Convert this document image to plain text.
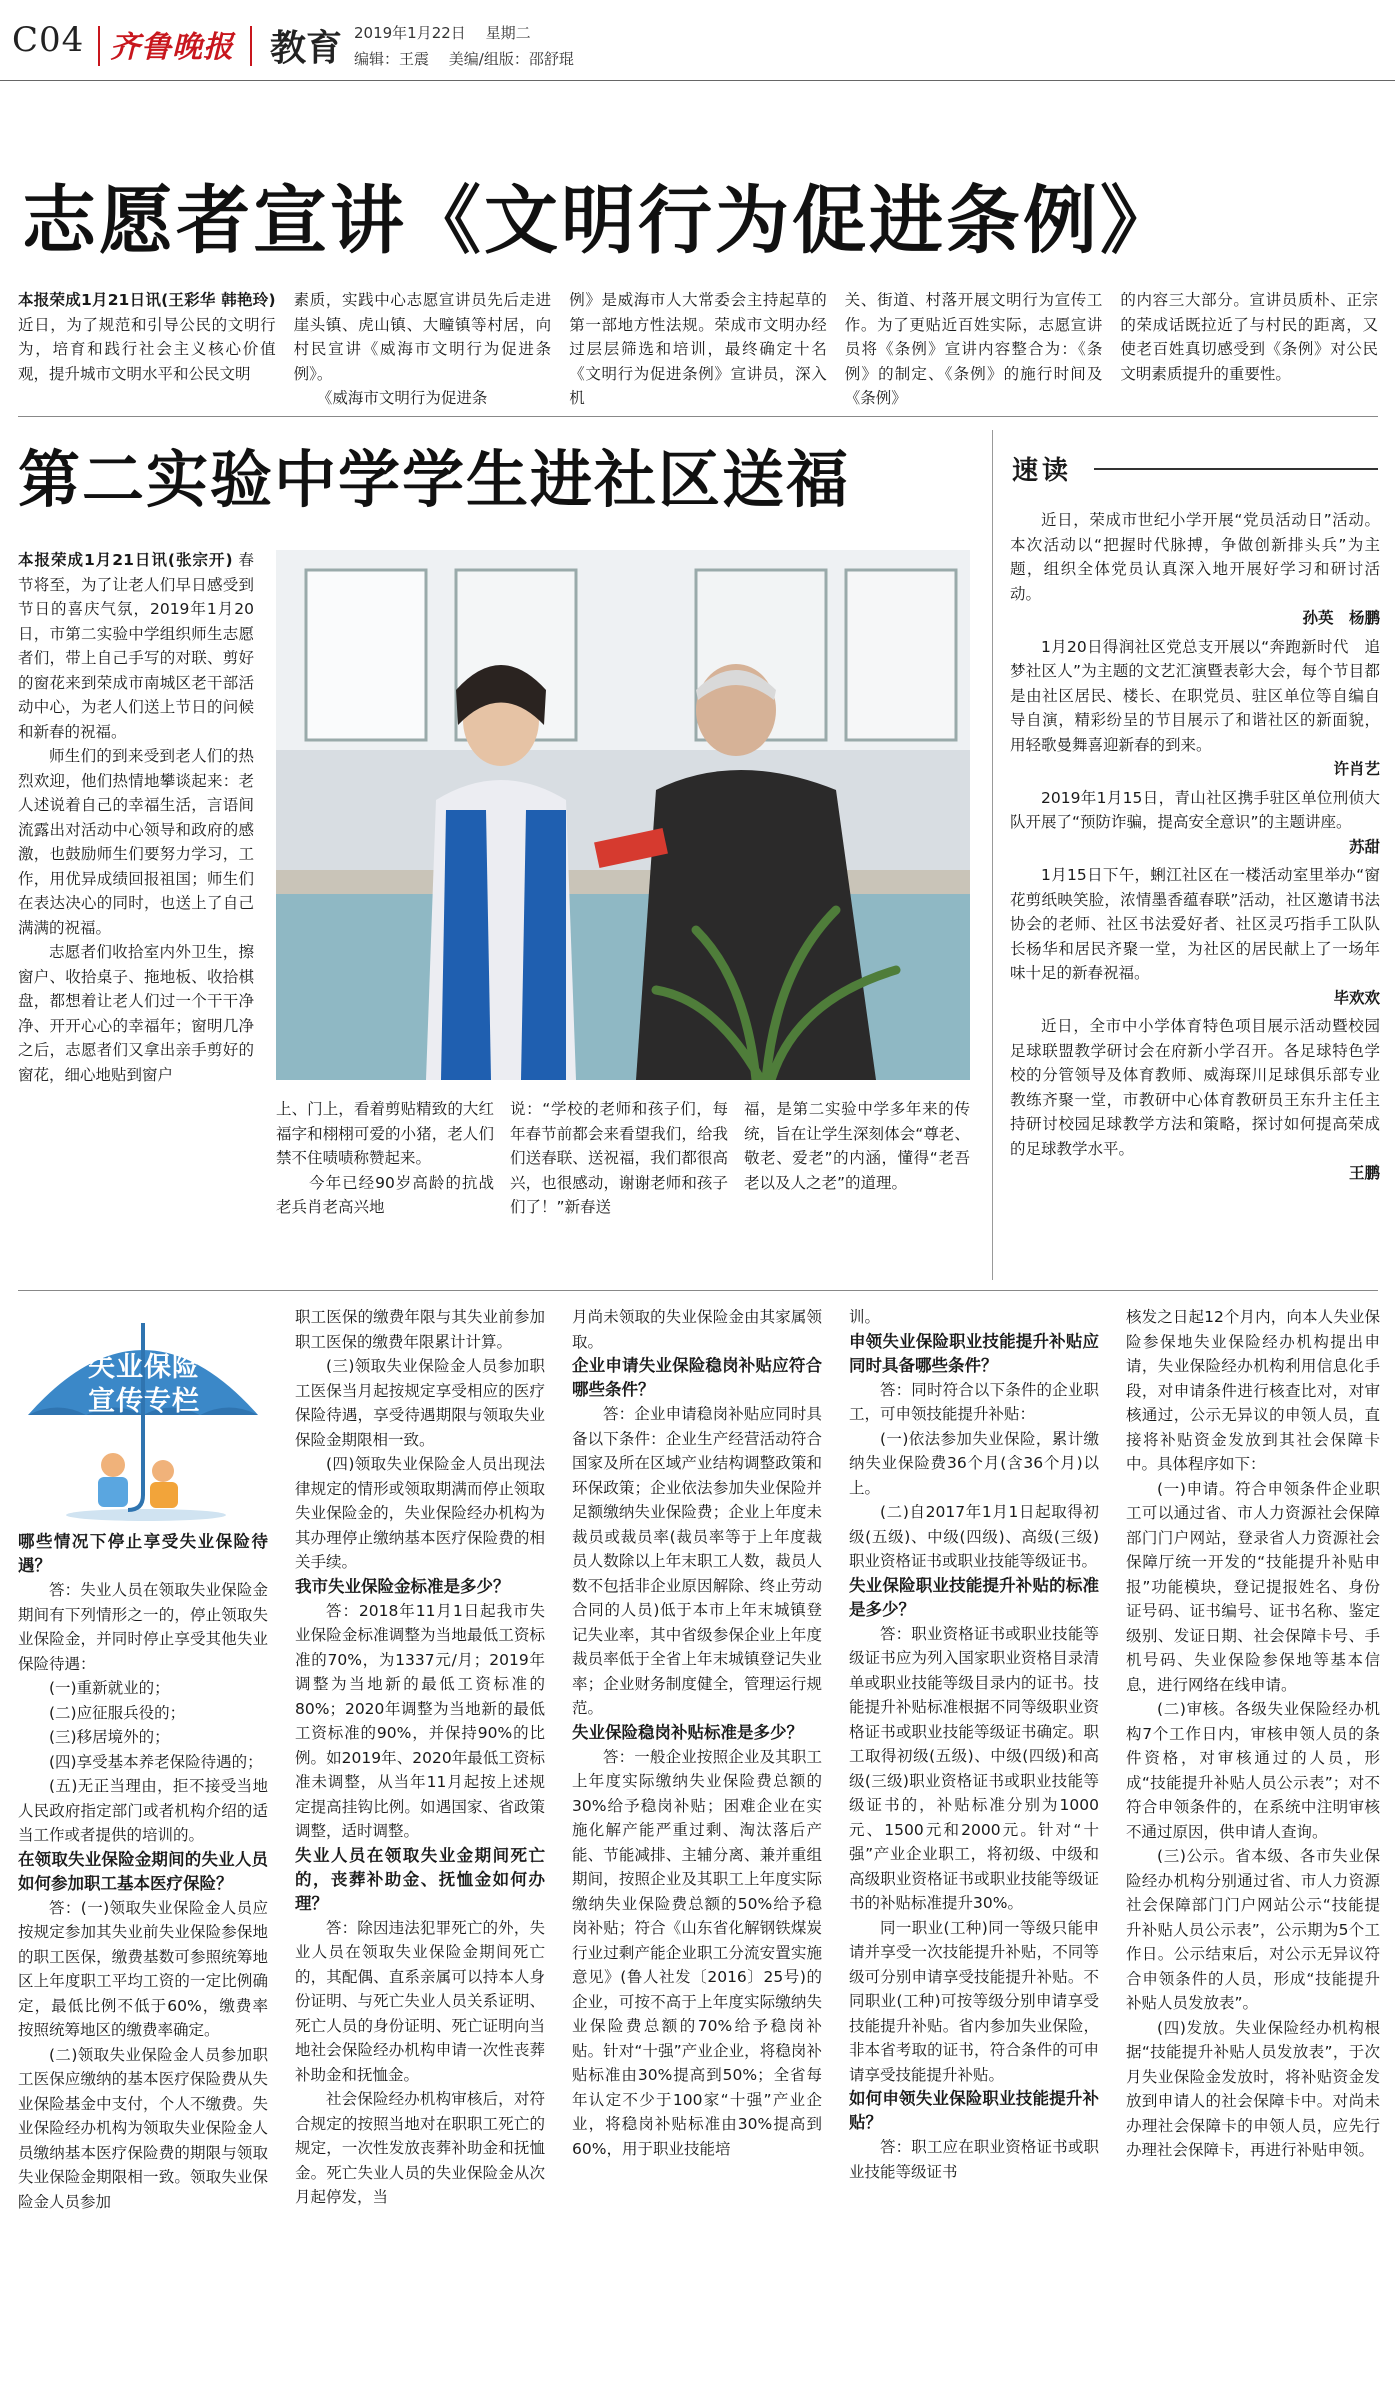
C04 齐鲁晚报 教育 2019年1月22日　 星期二
编辑：王震　 美编/组版：邵舒琨
志愿者宣讲《文明行为促进条例》
本报荣成1月21日讯(王彩华 韩艳玲) 近日，为了规范和引导公民的文明行为，培育和践行社会主义核心价值观，提升城市文明水平和公民文明
素质，实践中心志愿宣讲员先后走进崖头镇、虎山镇、大疃镇等村居，向村民宣讲《威海市文明行为促进条例》。
　　《威海市文明行为促进条
例》是威海市人大常委会主持起草的第一部地方性法规。荣成市文明办经过层层筛选和培训，最终确定十名《文明行为促进条例》宣讲员，深入机
关、街道、村落开展文明行为宣传工作。为了更贴近百姓实际，志愿宣讲员将《条例》宣讲内容整合为：《条例》的制定、《条例》的施行时间及《条例》
的内容三大部分。宣讲员质朴、正宗的荣成话既拉近了与村民的距离，又使老百姓真切感受到《条例》对公民文明素质提升的重要性。
第二实验中学学生进社区送福

本报荣成1月21日讯(张宗开) 春节将至，为了让老人们早日感受到节日的喜庆气氛，2019年1月20日，市第二实验中学组织师生志愿者们，带上自己手写的对联、剪好的窗花来到荣成市南城区老干部活动中心，为老人们送上节日的问候和新春的祝福。

师生们的到来受到老人们的热烈欢迎，他们热情地攀谈起来：老人述说着自己的幸福生活，言语间流露出对活动中心领导和政府的感激，也鼓励师生们要努力学习，工作，用优异成绩回报祖国；师生们在表达决心的同时，也送上了自己满满的祝福。

志愿者们收拾室内外卫生，擦窗户、收拾桌子、拖地板、收拾棋盘，都想着让老人们过一个干干净净、开开心心的幸福年；窗明几净之后，志愿者们又拿出亲手剪好的窗花，细心地贴到窗户

上、门上，看着剪贴精致的大红福字和栩栩可爱的小猪，老人们禁不住啧啧称赞起来。
　　今年已经90岁高龄的抗战老兵肖老高兴地
说：“学校的老师和孩子们，每年春节前都会来看望我们，给我们送春联、送祝福，我们都很高兴，也很感动，谢谢老师和孩子们了！”新春送
福，是第二实验中学多年来的传统，旨在让学生深刻体会“尊老、敬老、爱老”的内涵，懂得“老吾老以及人之老”的道理。
速读

近日，荣成市世纪小学开展“党员活动日”活动。本次活动以“把握时代脉搏，争做创新排头兵”为主题，组织全体党员认真深入地开展好学习和研讨活动。

孙英　杨鹏

1月20日得润社区党总支开展以“奔跑新时代　追梦社区人”为主题的文艺汇演暨表彰大会，每个节目都是由社区居民、楼长、在职党员、驻区单位等自编自导自演，精彩纷呈的节目展示了和谐社区的新面貌，用轻歌曼舞喜迎新春的到来。

许肖艺

2019年1月15日，青山社区携手驻区单位刑侦大队开展了“预防诈骗，提高安全意识”的主题讲座。

苏甜

1月15日下午，蜊江社区在一楼活动室里举办“窗花剪纸映笑脸，浓情墨香蕴春联”活动，社区邀请书法协会的老师、社区书法爱好者、社区灵巧指手工队队长杨华和居民齐聚一堂，为社区的居民献上了一场年味十足的新春祝福。

毕欢欢

近日，全市中小学体育特色项目展示活动暨校园足球联盟教学研讨会在府新小学召开。各足球特色学校的分管领导及体育教师、威海琛川足球俱乐部专业教练齐聚一堂，市教研中心体育教研员王东升主任主持研讨校园足球教学方法和策略，探讨如何提高荣成的足球教学水平。

王鹏

失业保险
宣传专栏

哪些情况下停止享受失业保险待遇？

答：失业人员在领取失业保险金期间有下列情形之一的，停止领取失业保险金，并同时停止享受其他失业保险待遇：

(一)重新就业的；

(二)应征服兵役的；

(三)移居境外的；

(四)享受基本养老保险待遇的；

(五)无正当理由，拒不接受当地人民政府指定部门或者机构介绍的适当工作或者提供的培训的。

在领取失业保险金期间的失业人员如何参加职工基本医疗保险？

答：(一)领取失业保险金人员应按规定参加其失业前失业保险参保地的职工医保，缴费基数可参照统筹地区上年度职工平均工资的一定比例确定，最低比例不低于60%，缴费率按照统筹地区的缴费率确定。

(二)领取失业保险金人员参加职工医保应缴纳的基本医疗保险费从失业保险基金中支付，个人不缴费。失业保险经办机构为领取失业保险金人员缴纳基本医疗保险费的期限与领取失业保险金期限相一致。领取失业保险金人员参加

职工医保的缴费年限与其失业前参加职工医保的缴费年限累计计算。

(三)领取失业保险金人员参加职工医保当月起按规定享受相应的医疗保险待遇，享受待遇期限与领取失业保险金期限相一致。

(四)领取失业保险金人员出现法律规定的情形或领取期满而停止领取失业保险金的，失业保险经办机构为其办理停止缴纳基本医疗保险费的相关手续。

我市失业保险金标准是多少？

答：2018年11月1日起我市失业保险金标准调整为当地最低工资标准的70%，为1337元/月；2019年调整为当地新的最低工资标准的80%；2020年调整为当地新的最低工资标准的90%，并保持90%的比例。如2019年、2020年最低工资标准未调整，从当年11月起按上述规定提高挂钩比例。如遇国家、省政策调整，适时调整。

失业人员在领取失业金期间死亡的，丧葬补助金、抚恤金如何办理？

答：除因违法犯罪死亡的外，失业人员在领取失业保险金期间死亡的，其配偶、直系亲属可以持本人身份证明、与死亡失业人员关系证明、死亡人员的身份证明、死亡证明向当地社会保险经办机构申请一次性丧葬补助金和抚恤金。

社会保险经办机构审核后，对符合规定的按照当地对在职职工死亡的规定，一次性发放丧葬补助金和抚恤金。死亡失业人员的失业保险金从次月起停发，当

月尚未领取的失业保险金由其家属领取。

企业申请失业保险稳岗补贴应符合哪些条件？

答：企业申请稳岗补贴应同时具备以下条件：企业生产经营活动符合国家及所在区域产业结构调整政策和环保政策；企业依法参加失业保险并足额缴纳失业保险费；企业上年度未裁员或裁员率(裁员率等于上年度裁员人数除以上年末职工人数，裁员人数不包括非企业原因解除、终止劳动合同的人员)低于本市上年末城镇登记失业率，其中省级参保企业上年度裁员率低于全省上年末城镇登记失业率；企业财务制度健全，管理运行规范。

失业保险稳岗补贴标准是多少？

答：一般企业按照企业及其职工上年度实际缴纳失业保险费总额的30%给予稳岗补贴；困难企业在实施化解产能严重过剩、淘汰落后产能、节能减排、主辅分离、兼并重组期间，按照企业及其职工上年度实际缴纳失业保险费总额的50%给予稳岗补贴；符合《山东省化解钢铁煤炭行业过剩产能企业职工分流安置实施意见》(鲁人社发〔2016〕25号)的企业，可按不高于上年度实际缴纳失业保险费总额的70%给予稳岗补贴。针对“十强”产业企业，将稳岗补贴标准由30%提高到50%；全省每年认定不少于100家“十强”产业企业，将稳岗补贴标准由30%提高到60%，用于职业技能培

训。

申领失业保险职业技能提升补贴应同时具备哪些条件？

答：同时符合以下条件的企业职工，可申领技能提升补贴：

(一)依法参加失业保险，累计缴纳失业保险费36个月(含36个月)以上。

(二)自2017年1月1日起取得初级(五级)、中级(四级)、高级(三级)职业资格证书或职业技能等级证书。

失业保险职业技能提升补贴的标准是多少？

答：职业资格证书或职业技能等级证书应为列入国家职业资格目录清单或职业技能等级目录内的证书。技能提升补贴标准根据不同等级职业资格证书或职业技能等级证书确定。职工取得初级(五级)、中级(四级)和高级(三级)职业资格证书或职业技能等级证书的，补贴标准分别为1000元、1500元和2000元。针对“十强”产业企业职工，将初级、中级和高级职业资格证书或职业技能等级证书的补贴标准提升30%。

同一职业(工种)同一等级只能申请并享受一次技能提升补贴，不同等级可分别申请享受技能提升补贴。不同职业(工种)可按等级分别申请享受技能提升补贴。省内参加失业保险，非本省考取的证书，符合条件的可申请享受技能提升补贴。

如何申领失业保险职业技能提升补贴？

答：职工应在职业资格证书或职业技能等级证书

核发之日起12个月内，向本人失业保险参保地失业保险经办机构提出申请，失业保险经办机构利用信息化手段，对申请条件进行核查比对，对审核通过，公示无异议的申领人员，直接将补贴资金发放到其社会保障卡中。具体程序如下：

(一)申请。符合申领条件企业职工可以通过省、市人力资源社会保障部门门户网站，登录省人力资源社会保障厅统一开发的“技能提升补贴申报”功能模块，登记提报姓名、身份证号码、证书编号、证书名称、鉴定级别、发证日期、社会保障卡号、手机号码、失业保险参保地等基本信息，进行网络在线申请。

(二)审核。各级失业保险经办机构7个工作日内，审核申领人员的条件资格，对审核通过的人员，形成“技能提升补贴人员公示表”；对不符合申领条件的，在系统中注明审核不通过原因，供申请人查询。

(三)公示。省本级、各市失业保险经办机构分别通过省、市人力资源社会保障部门门户网站公示“技能提升补贴人员公示表”，公示期为5个工作日。公示结束后，对公示无异议符合申领条件的人员，形成“技能提升补贴人员发放表”。

(四)发放。失业保险经办机构根据“技能提升补贴人员发放表”，于次月失业保险金发放时，将补贴资金发放到申请人的社会保障卡中。对尚未办理社会保障卡的申领人员，应先行办理社会保障卡，再进行补贴申领。
